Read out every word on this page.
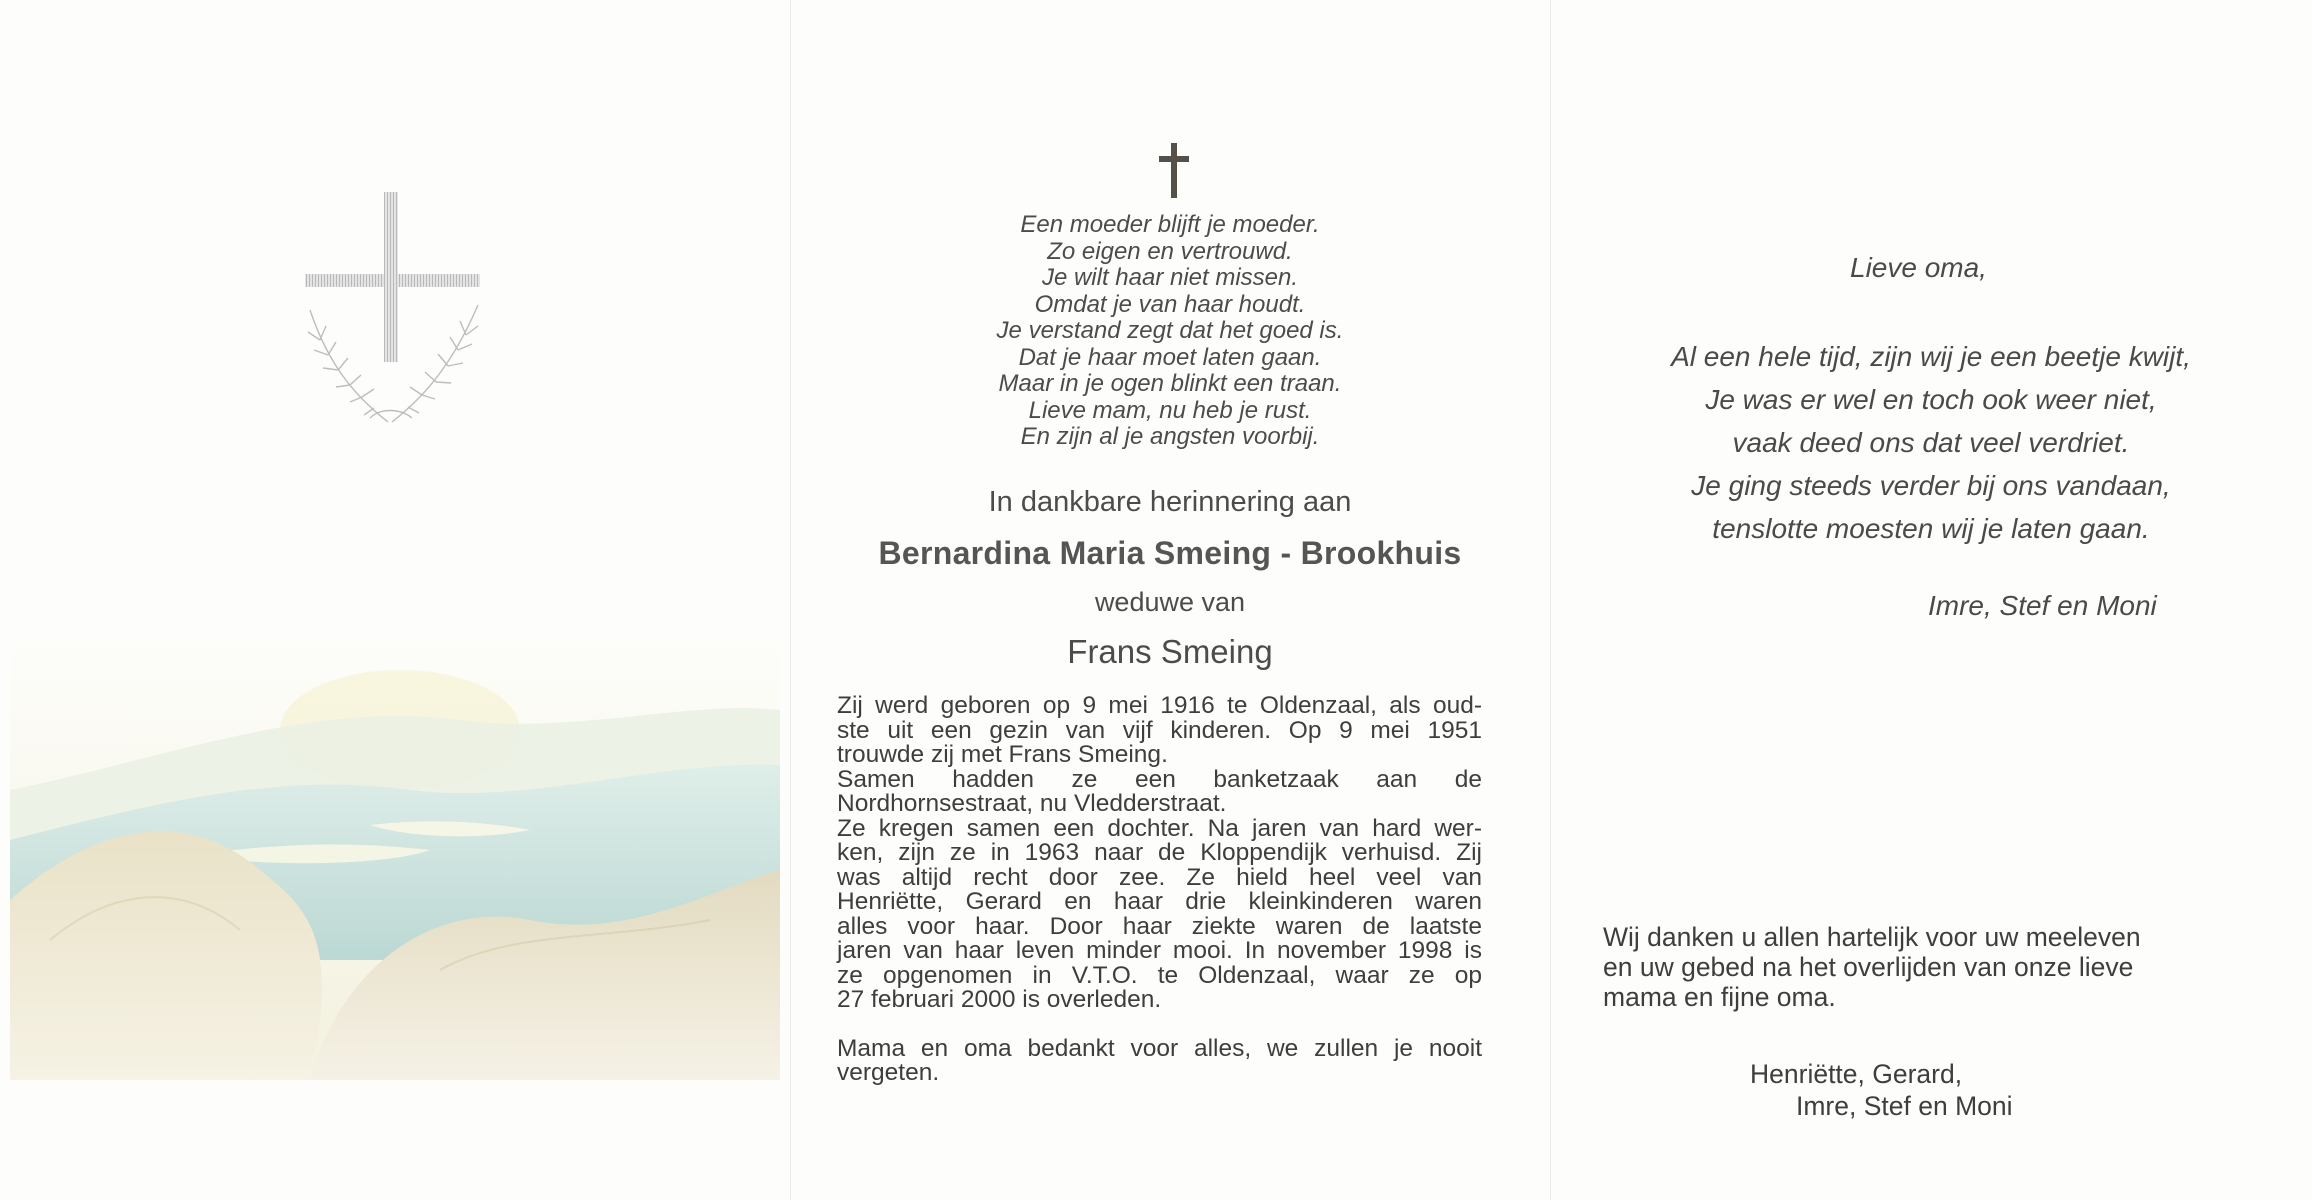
Een moeder blijft je moeder.
Zo eigen en vertrouwd.
Je wilt haar niet missen.
Omdat je van haar houdt.
Je verstand zegt dat het goed is.
Dat je haar moet laten gaan.
Maar in je ogen blinkt een traan.
Lieve mam, nu heb je rust.
En zijn al je angsten voorbij.
In dankbare herinnering aan
Bernardina Maria Smeing - Brookhuis
weduwe van
Frans Smeing
Zij werd geboren op 9 mei 1916 te Oldenzaal, als oud-
ste uit een gezin van vijf kinderen. Op 9 mei 1951
trouwde zij met Frans Smeing.
Samen hadden ze een banketzaak aan de
Nordhornsestraat, nu Vledderstraat.
Ze kregen samen een dochter. Na jaren van hard wer-
ken, zijn ze in 1963 naar de Kloppendijk verhuisd. Zij
was altijd recht door zee. Ze hield heel veel van
Henriëtte, Gerard en haar drie kleinkinderen waren
alles voor haar. Door haar ziekte waren de laatste
jaren van haar leven minder mooi. In november 1998 is
ze opgenomen in V.T.O. te Oldenzaal, waar ze op
27 februari 2000 is overleden.
Mama en oma bedankt voor alles, we zullen je nooit
vergeten.
Lieve oma,
Al een hele tijd, zijn wij je een beetje kwijt,
Je was er wel en toch ook weer niet,
vaak deed ons dat veel verdriet.
Je ging steeds verder bij ons vandaan,
tenslotte moesten wij je laten gaan.
Imre, Stef en Moni
Wij danken u allen hartelijk voor uw meeleven
en uw gebed na het overlijden van onze lieve
mama en fijne oma.
Henriëtte, Gerard,
Imre, Stef en Moni
